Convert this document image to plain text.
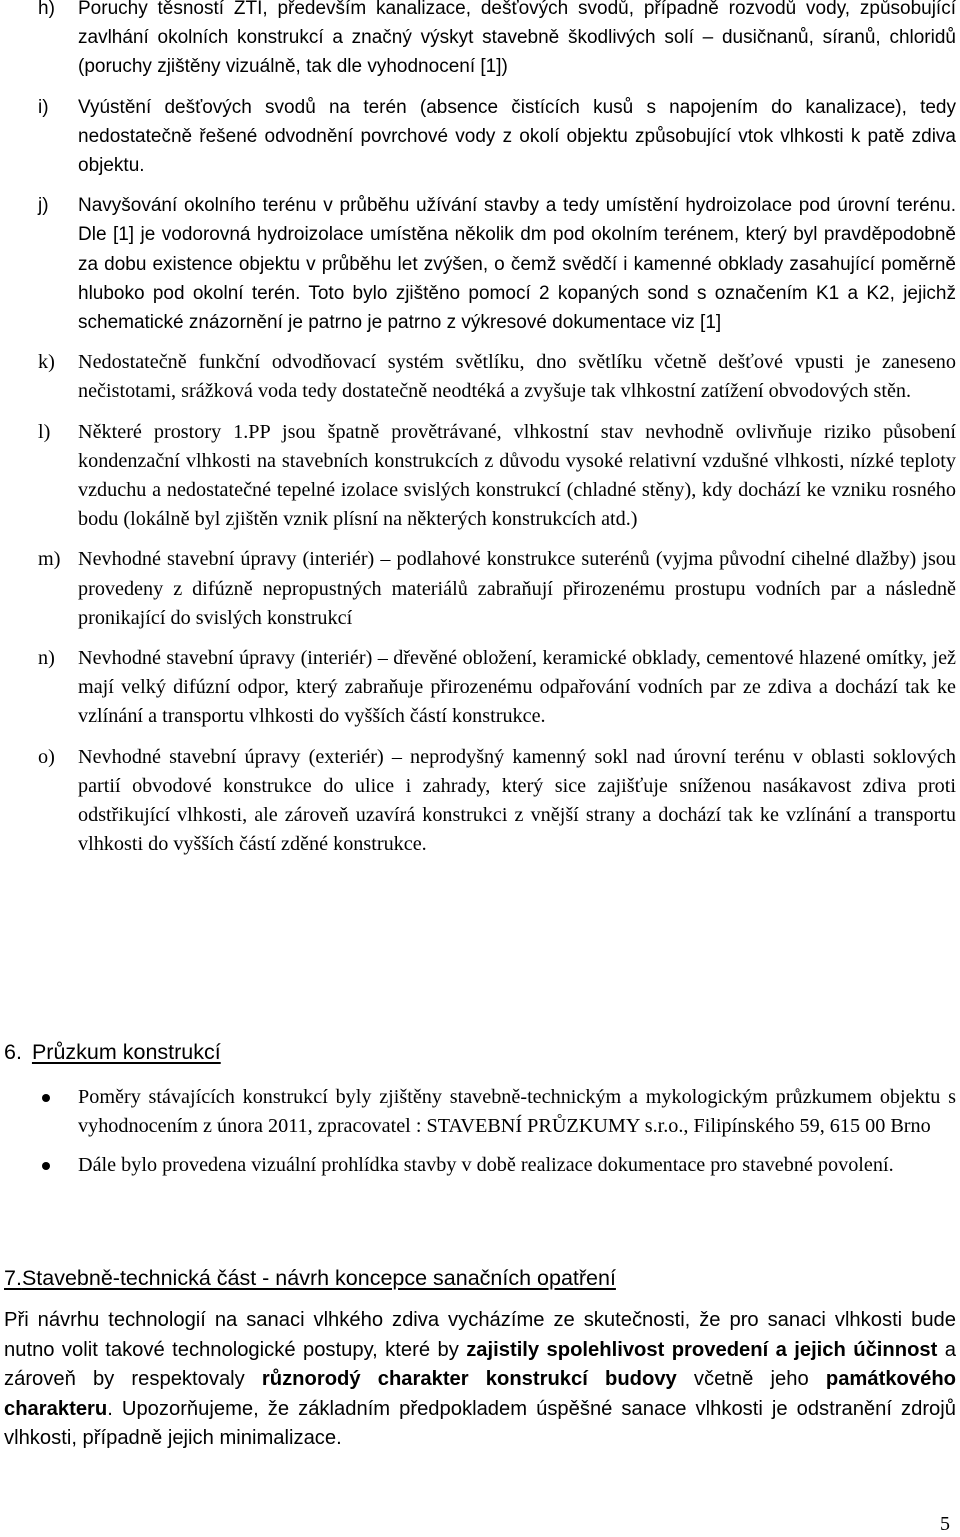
h) Poruchy těsností ZTI, především kanalizace, dešťových svodů, případně rozvodů vody, způsobující zavlhání okolních konstrukcí a značný výskyt stavebně škodlivých solí – dusičnanů, síranů, chloridů (poruchy zjištěny vizuálně, tak dle vyhodnocení [1])
i) Vyústění dešťových svodů na terén (absence čistících kusů s napojením do kanalizace), tedy nedostatečně řešené odvodnění povrchové vody z okolí objektu způsobující vtok vlhkosti k patě zdiva objektu.
j) Navyšování okolního terénu v průběhu užívání stavby a tedy umístění hydroizolace pod úrovní terénu. Dle [1] je vodorovná hydroizolace umístěna několik dm pod okolním terénem, který byl pravděpodobně za dobu existence objektu v průběhu let zvýšen, o čemž svědčí i kamenné obklady zasahující poměrně hluboko pod okolní terén. Toto bylo zjištěno pomocí 2 kopaných sond s označením K1 a K2, jejichž schematické znázornění je patrno je patrno z výkresové dokumentace viz [1]
k) Nedostatečně funkční odvodňovací systém světlíku, dno světlíku včetně dešťové vpusti je zaneseno nečistotami, srážková voda tedy dostatečně neodtéká a zvyšuje tak vlhkostní zatížení obvodových stěn.
l) Některé prostory 1.PP jsou špatně provětrávané, vlhkostní stav nevhodně ovlivňuje riziko působení kondenzační vlhkosti na stavebních konstrukcích z důvodu vysoké relativní vzdušné vlhkosti, nízké teploty vzduchu a nedostatečné tepelné izolace svislých konstrukcí (chladné stěny), kdy dochází ke vzniku rosného bodu (lokálně byl zjištěn vznik plísní na některých konstrukcích atd.)
m) Nevhodné stavební úpravy (interiér) – podlahové konstrukce suterénů (vyjma původní cihelné dlažby) jsou provedeny z difúzně nepropustných materiálů zabraňují přirozenému prostupu vodních par a následně pronikající do svislých konstrukcí
n) Nevhodné stavební úpravy (interiér) – dřevěné obložení, keramické obklady, cementové hlazené omítky, jež mají velký difúzní odpor, který zabraňuje přirozenému odpařování vodních par ze zdiva a dochází tak ke vzlínání a transportu vlhkosti do vyšších částí konstrukce.
o) Nevhodné stavební úpravy (exteriér) – neprodyšný kamenný sokl nad úrovní terénu v oblasti soklových partií obvodové konstrukce do ulice i zahrady, který sice zajišťuje sníženou nasákavost zdiva proti odstřikující vlhkosti, ale zároveň uzavírá konstrukci z vnější strany a dochází tak ke vzlínání a transportu vlhkosti do vyšších částí zděné konstrukce.
6. Průzkum konstrukcí
Poměry stávajících konstrukcí byly zjištěny stavebně-technickým a mykologickým průzkumem objektu s vyhodnocením z února 2011, zpracovatel : STAVEBNÍ PRŮZKUMY s.r.o., Filipínského 59, 615 00 Brno
Dále bylo provedena vizuální prohlídka stavby v době realizace dokumentace pro stavebné povolení.
7.Stavebně-technická část - návrh koncepce sanačních opatření
Při návrhu technologií na sanaci vlhkého zdiva vycházíme ze skutečnosti, že pro sanaci vlhkosti bude nutno volit takové technologické postupy, které by zajistily spolehlivost provedení a jejich účinnost a zároveň by respektovaly různorodý charakter konstrukcí budovy včetně jeho památkového charakteru. Upozorňujeme, že základním předpokladem úspěšné sanace vlhkosti je odstranění zdrojů vlhkosti, případně jejich minimalizace.
5
